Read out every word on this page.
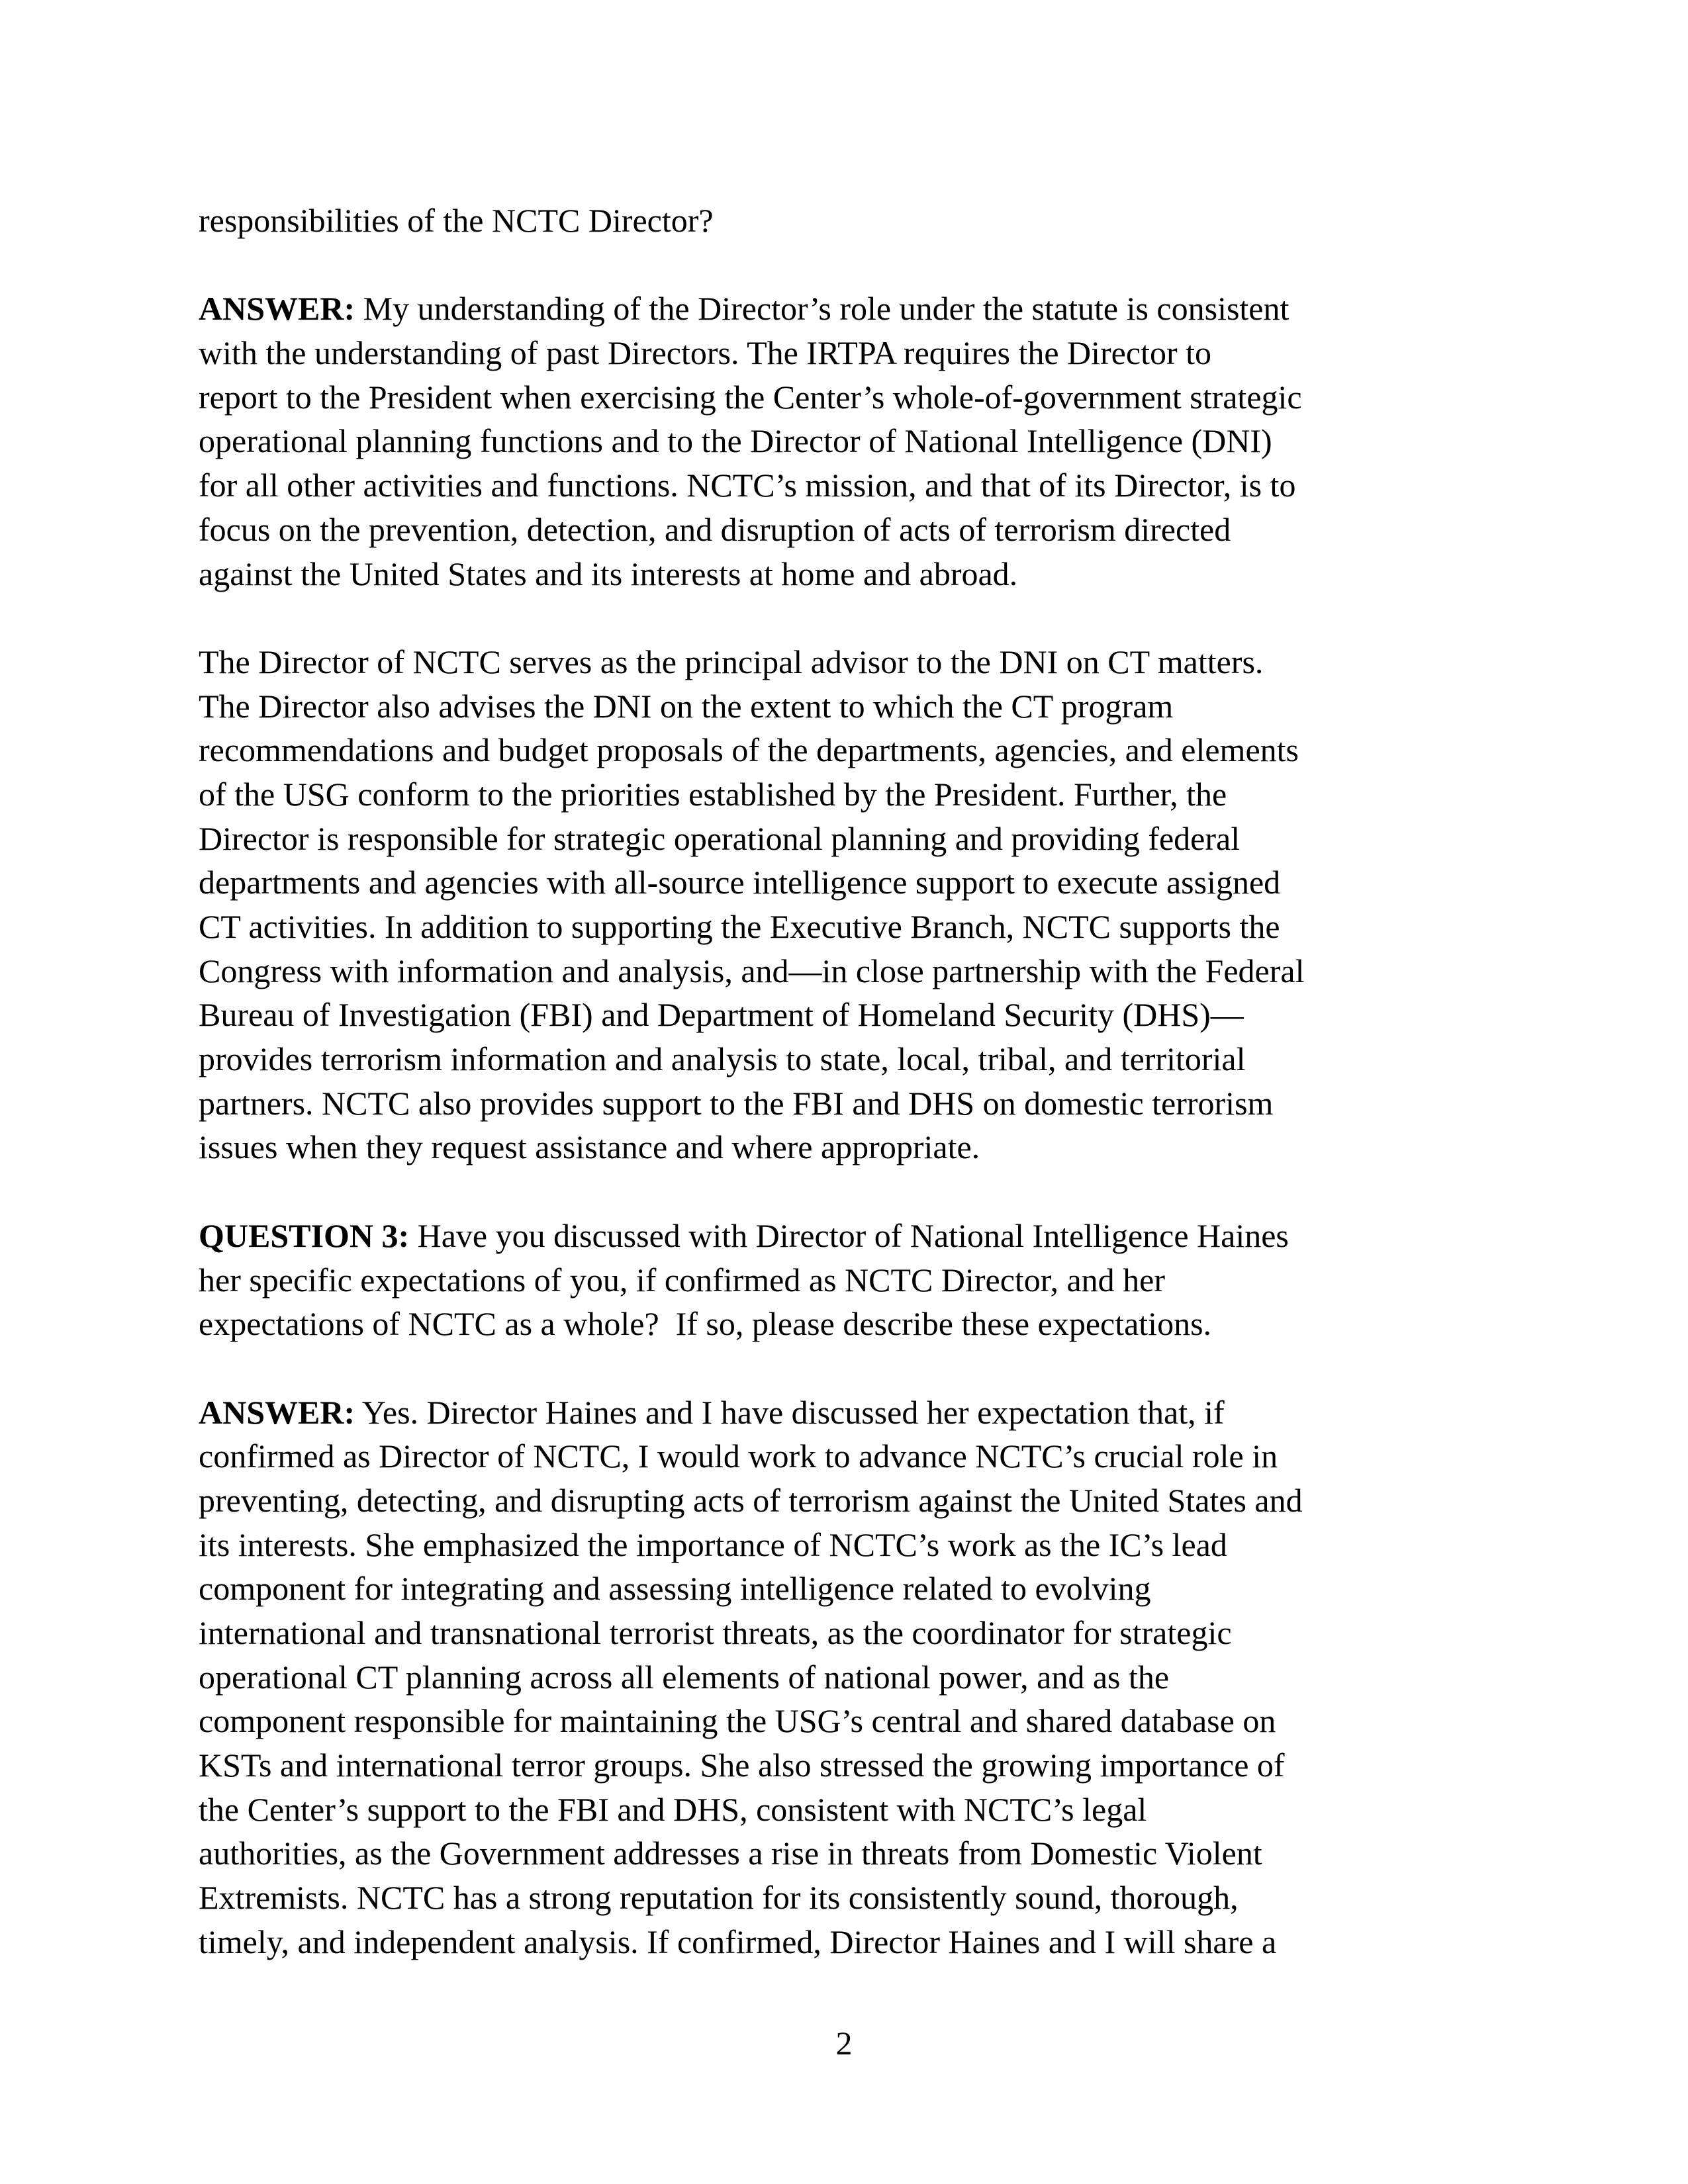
responsibilities of the NCTC Director?
ANSWER: My understanding of the Director’s role under the statute is consistent
with the understanding of past Directors. The IRTPA requires the Director to
report to the President when exercising the Center’s whole-of-government strategic
operational planning functions and to the Director of National Intelligence (DNI)
for all other activities and functions. NCTC’s mission, and that of its Director, is to
focus on the prevention, detection, and disruption of acts of terrorism directed
against the United States and its interests at home and abroad.
The Director of NCTC serves as the principal advisor to the DNI on CT matters.
The Director also advises the DNI on the extent to which the CT program
recommendations and budget proposals of the departments, agencies, and elements
of the USG conform to the priorities established by the President. Further, the
Director is responsible for strategic operational planning and providing federal
departments and agencies with all-source intelligence support to execute assigned
CT activities. In addition to supporting the Executive Branch, NCTC supports the
Congress with information and analysis, and—in close partnership with the Federal
Bureau of Investigation (FBI) and Department of Homeland Security (DHS)—
provides terrorism information and analysis to state, local, tribal, and territorial
partners. NCTC also provides support to the FBI and DHS on domestic terrorism
issues when they request assistance and where appropriate.
QUESTION 3: Have you discussed with Director of National Intelligence Haines
her specific expectations of you, if confirmed as NCTC Director, and her
expectations of NCTC as a whole?  If so, please describe these expectations.
ANSWER: Yes. Director Haines and I have discussed her expectation that, if
confirmed as Director of NCTC, I would work to advance NCTC’s crucial role in
preventing, detecting, and disrupting acts of terrorism against the United States and
its interests. She emphasized the importance of NCTC’s work as the IC’s lead
component for integrating and assessing intelligence related to evolving
international and transnational terrorist threats, as the coordinator for strategic
operational CT planning across all elements of national power, and as the
component responsible for maintaining the USG’s central and shared database on
KSTs and international terror groups. She also stressed the growing importance of
the Center’s support to the FBI and DHS, consistent with NCTC’s legal
authorities, as the Government addresses a rise in threats from Domestic Violent
Extremists. NCTC has a strong reputation for its consistently sound, thorough,
timely, and independent analysis. If confirmed, Director Haines and I will share a
2
